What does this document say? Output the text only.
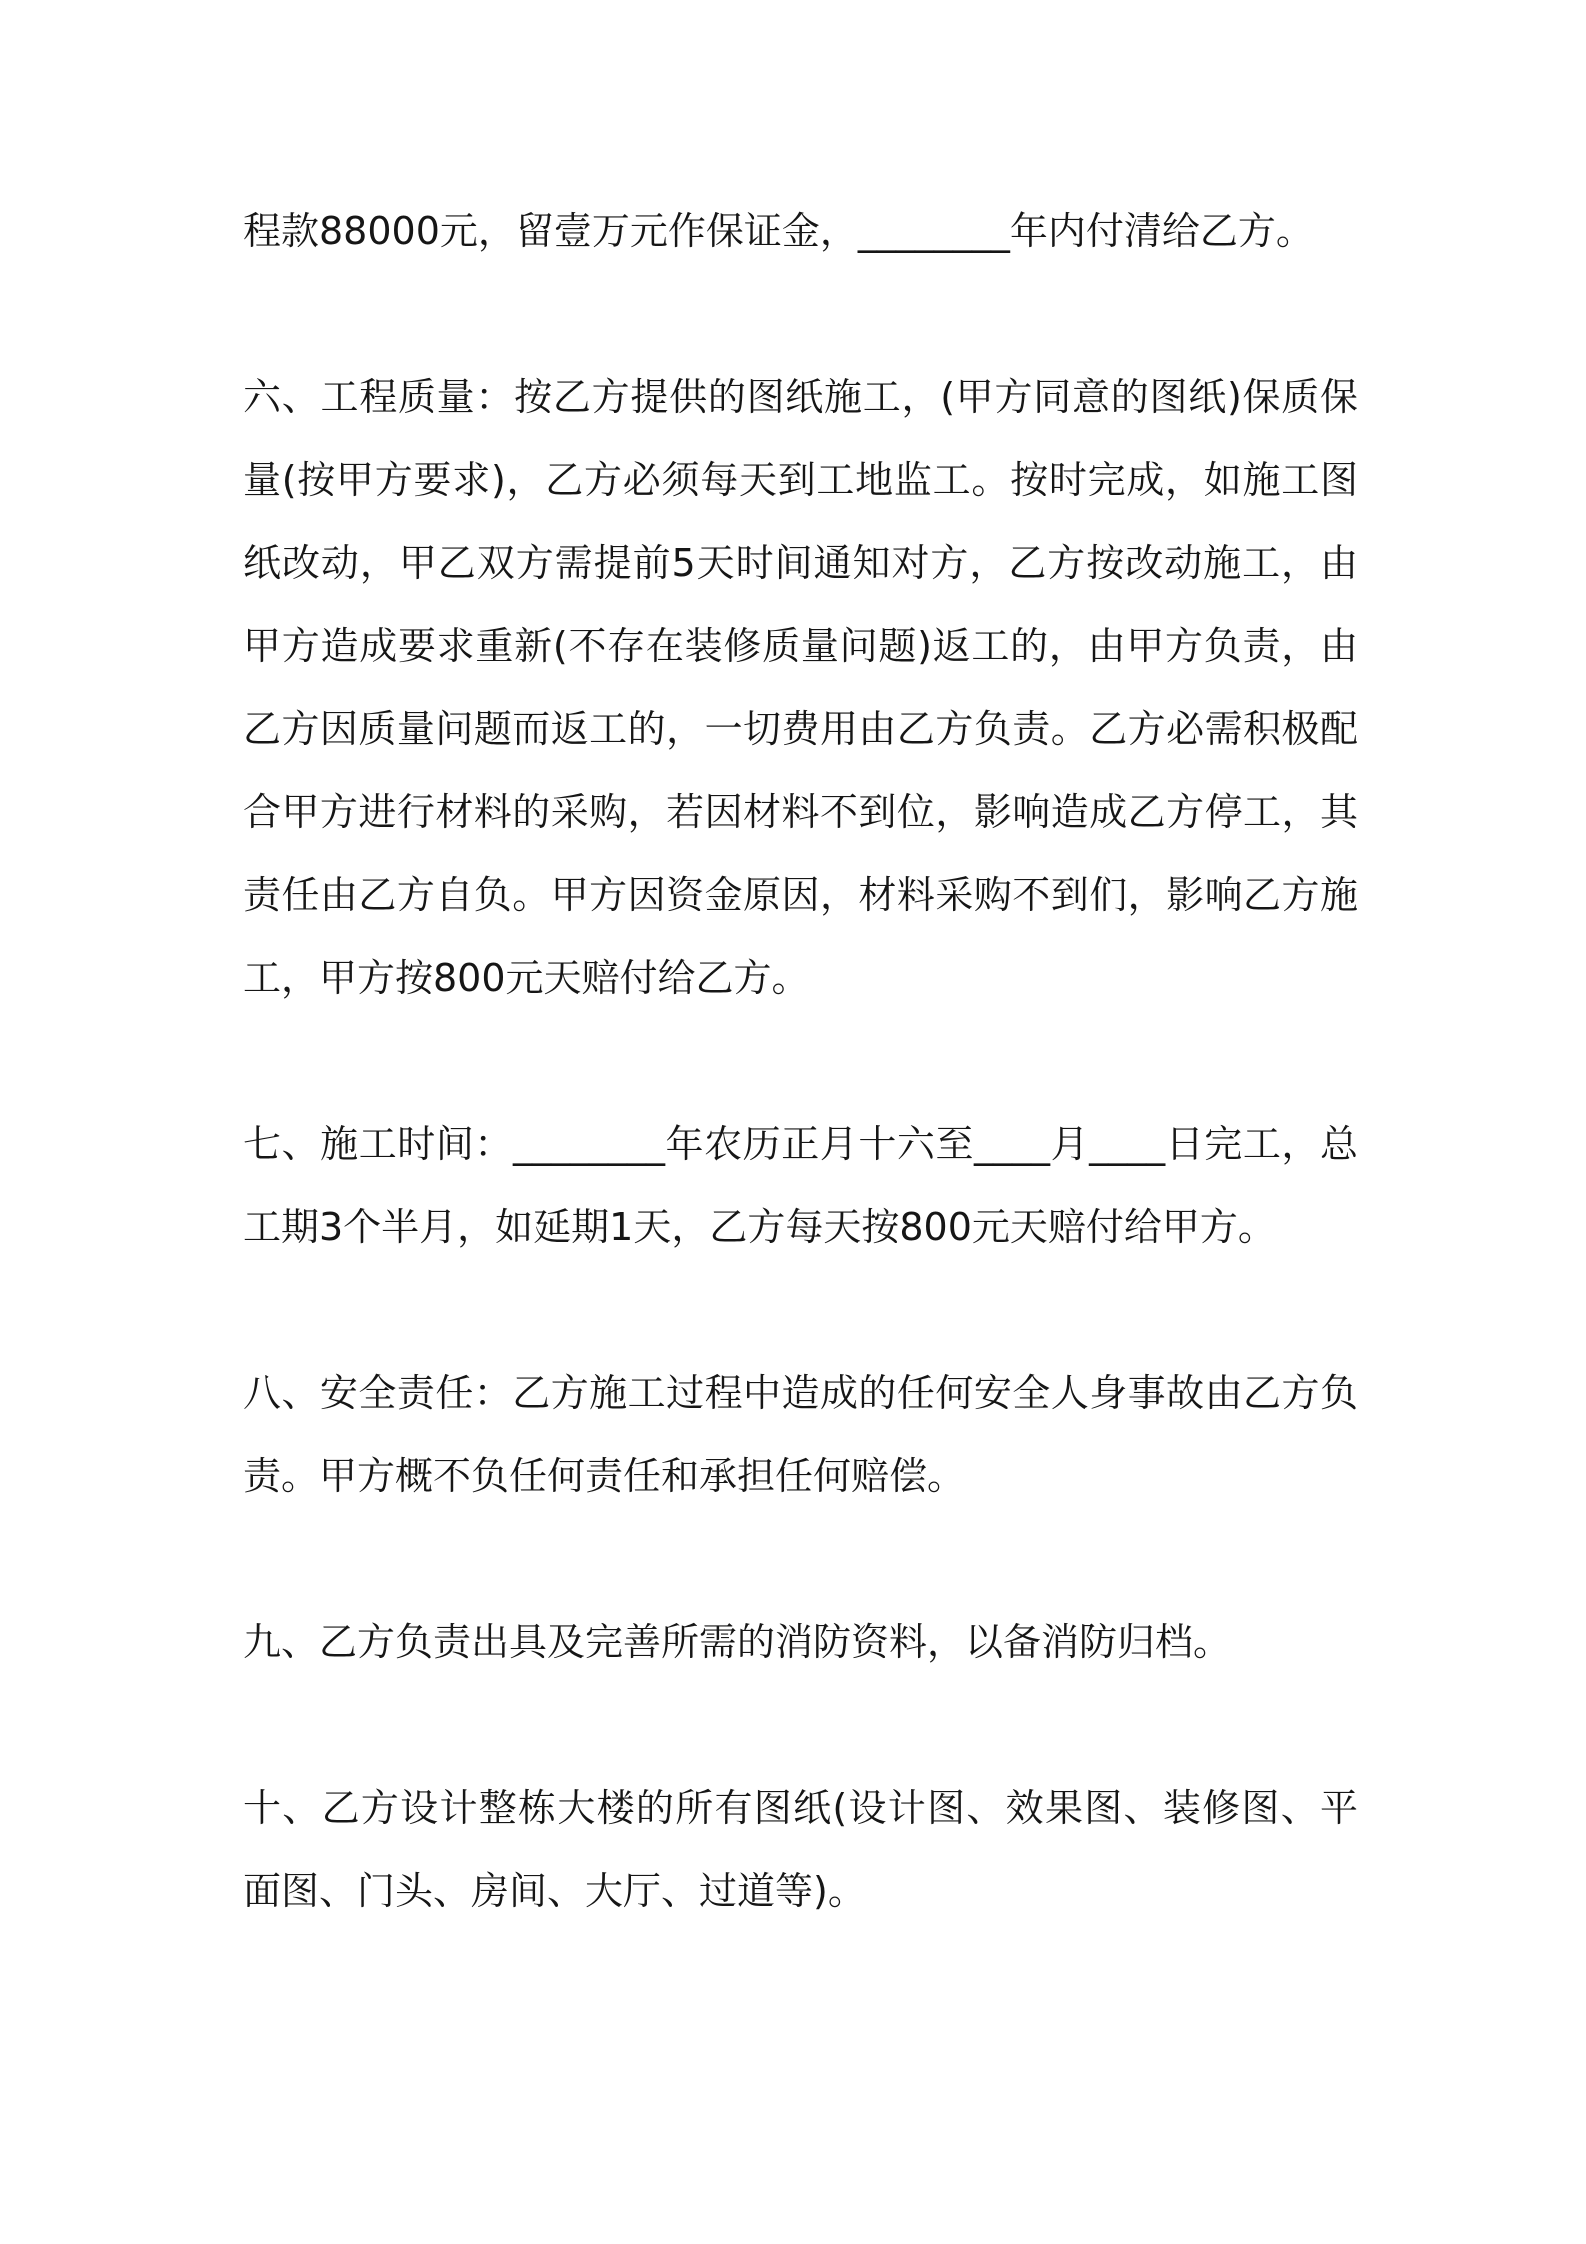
程款88000元，留壹万元作保证金，________年内付清给乙方。

六、工程质量：按乙方提供的图纸施工，(甲方同意的图纸)保质保量(按甲方要求)，乙方必须每天到工地监工。按时完成，如施工图纸改动，甲乙双方需提前5天时间通知对方，乙方按改动施工，由甲方造成要求重新(不存在装修质量问题)返工的，由甲方负责，由乙方因质量问题而返工的，一切费用由乙方负责。乙方必需积极配合甲方进行材料的采购，若因材料不到位，影响造成乙方停工，其责任由乙方自负。甲方因资金原因，材料采购不到们，影响乙方施工，甲方按800元天赔付给乙方。

七、施工时间：________年农历正月十六至____月____日完工，总工期3个半月，如延期1天，乙方每天按800元天赔付给甲方。

八、安全责任：乙方施工过程中造成的任何安全人身事故由乙方负责。甲方概不负任何责任和承担任何赔偿。

九、乙方负责出具及完善所需的消防资料，以备消防归档。

十、乙方设计整栋大楼的所有图纸(设计图、效果图、装修图、平面图、门头、房间、大厅、过道等)。
